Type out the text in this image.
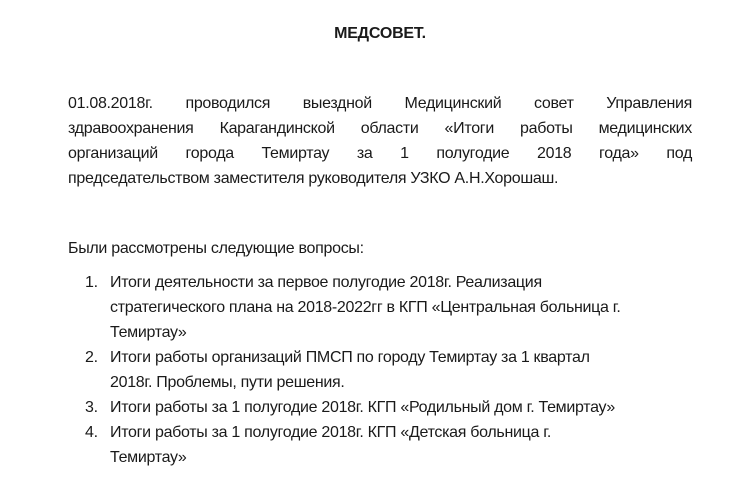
МЕДСОВЕТ.
01.08.2018г. проводился выездной Медицинский совет Управления
здравоохранения Карагандинской области «Итоги работы медицинских
организаций города Темиртау за 1 полугодие 2018 года» под
председательством заместителя руководителя УЗКО А.Н.Хорошаш.
Были рассмотрены следующие вопросы:
1. Итоги деятельности за первое полугодие 2018г. Реализация
стратегического плана на 2018-2022гг в КГП «Центральная больница г.
Темиртау»
2. Итоги работы организаций ПМСП по городу Темиртау за 1 квартал
2018г. Проблемы, пути решения.
3. Итоги работы за 1 полугодие 2018г. КГП «Родильный дом г. Темиртау»
4. Итоги работы за 1 полугодие 2018г. КГП «Детская больница г.
Темиртау»
